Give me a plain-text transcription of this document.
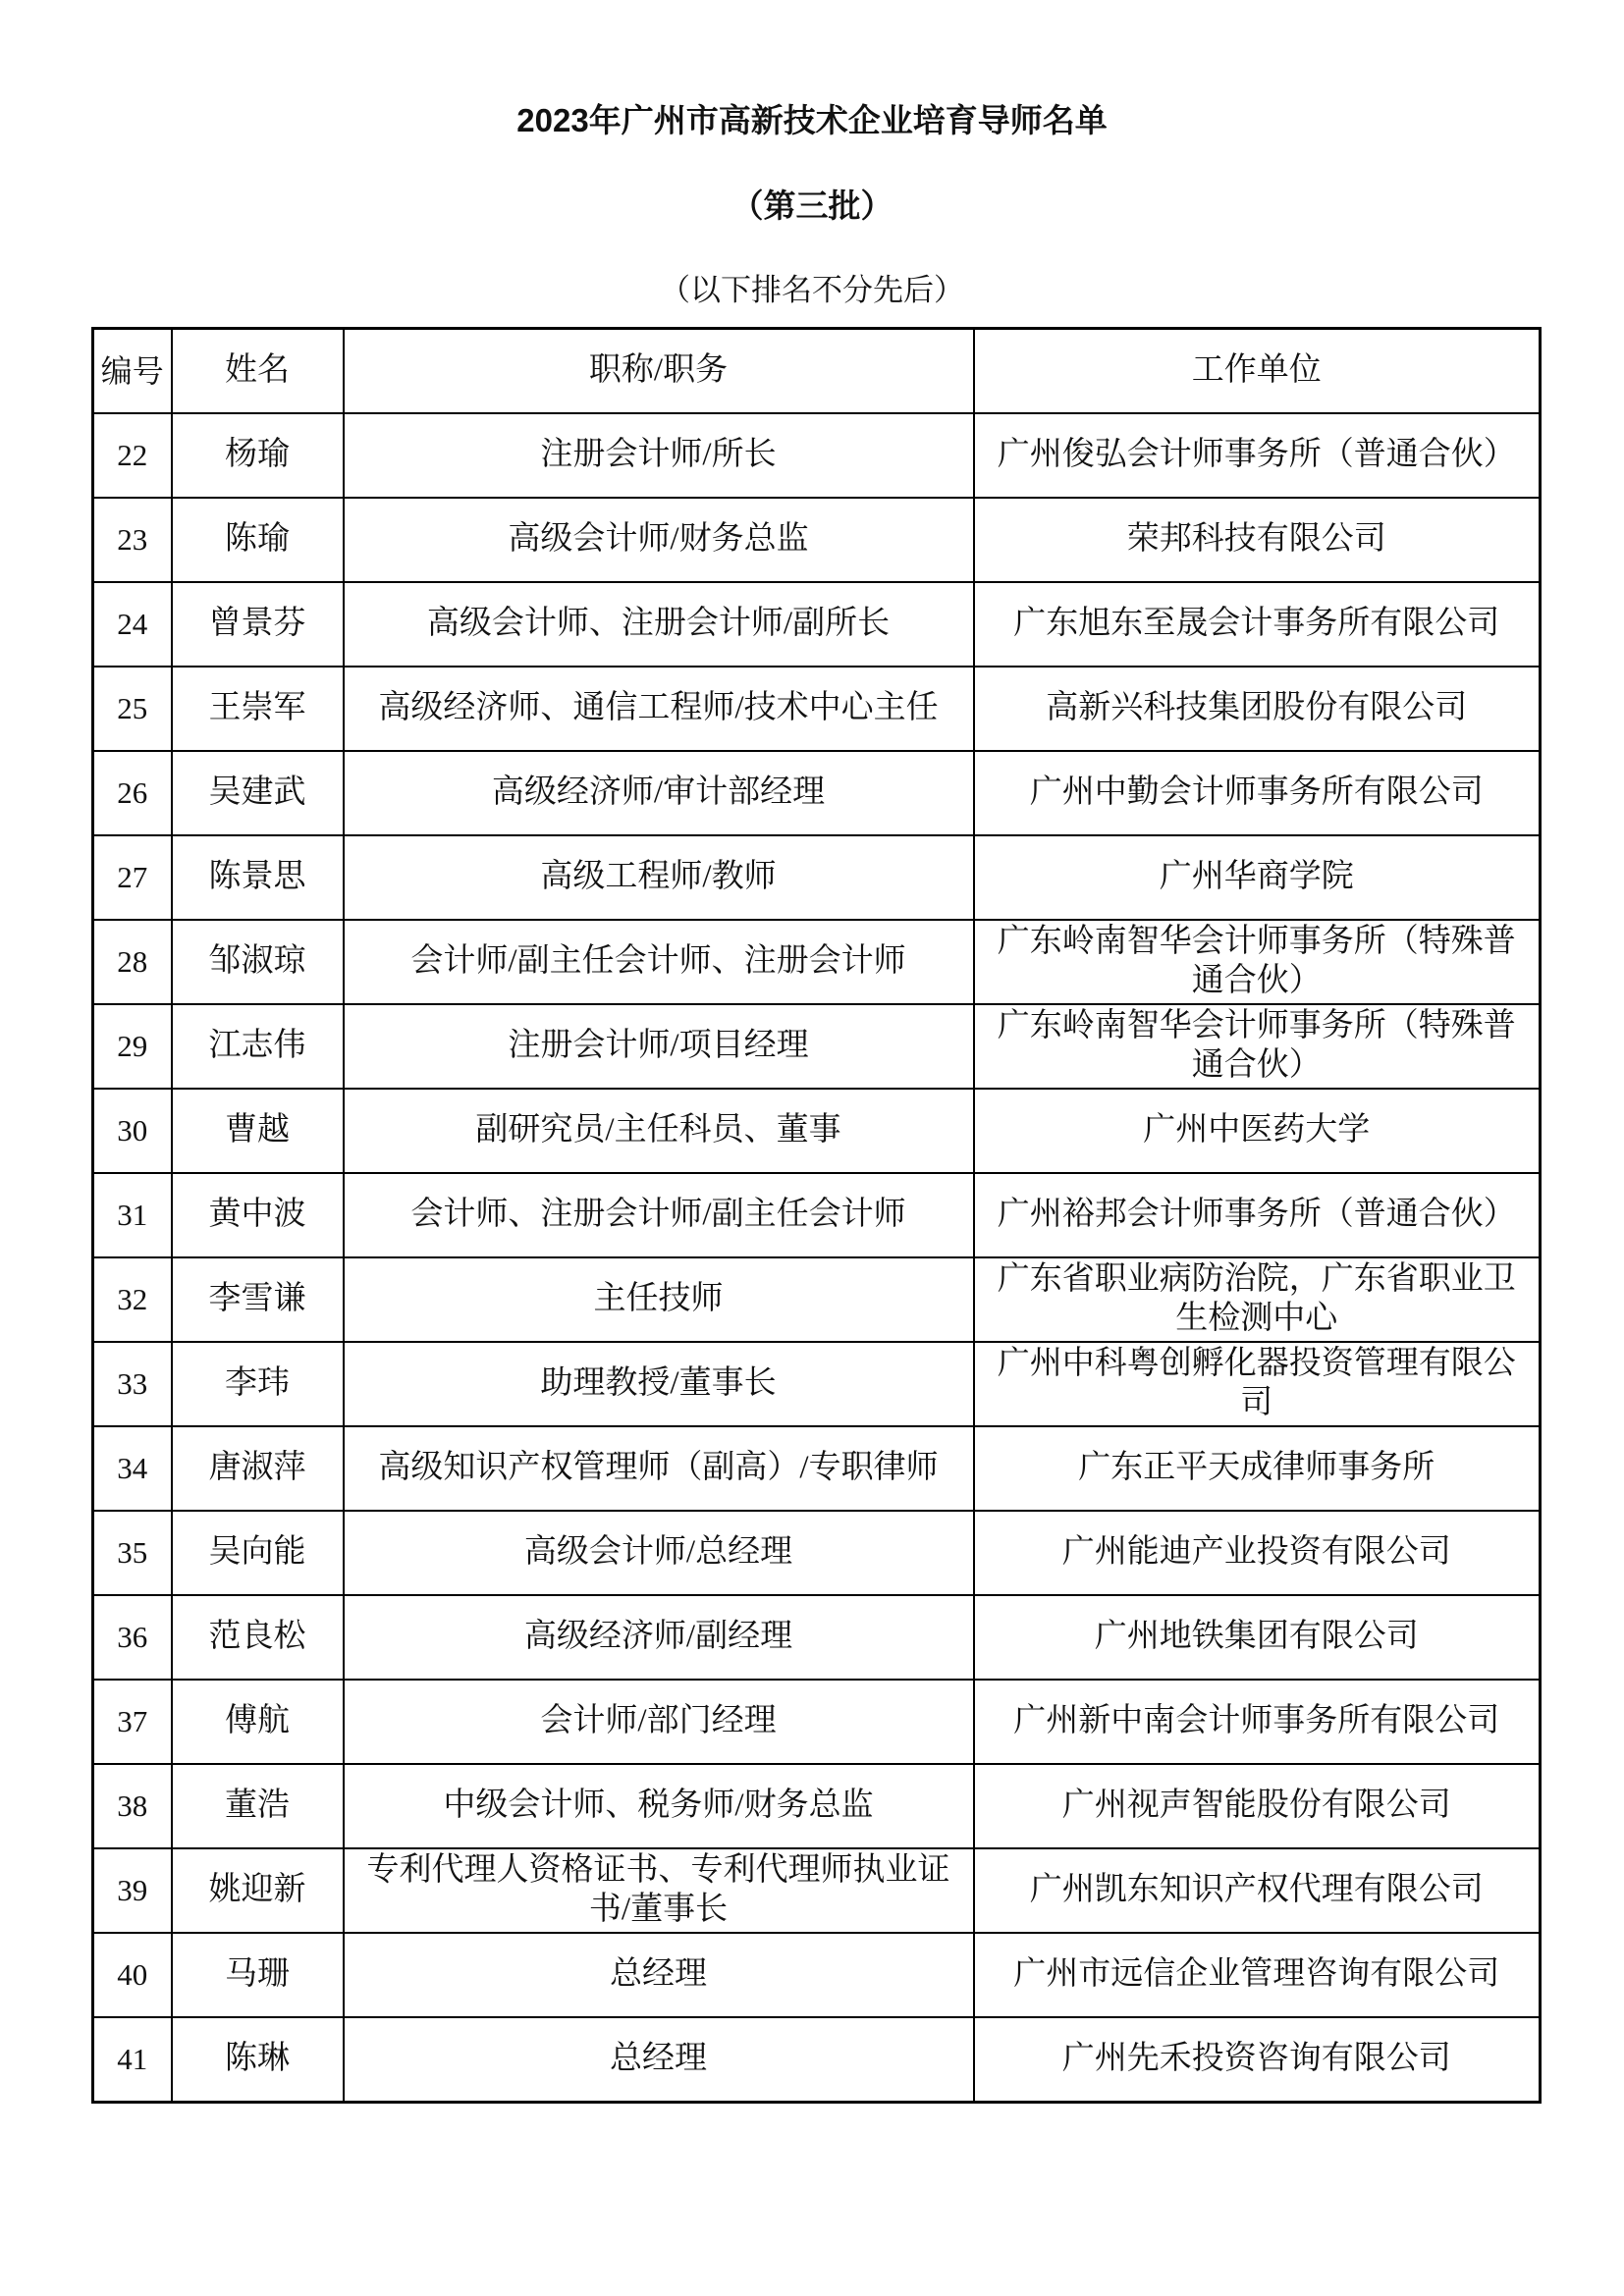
2023年广州市高新技术企业培育导师名单
（第三批）
（以下排名不分先后）
编号	姓名	职称/职务	工作单位
22	杨瑜	注册会计师/所长	广州俊弘会计师事务所（普通合伙）
23	陈瑜	高级会计师/财务总监	荣邦科技有限公司
24	曾景芬	高级会计师、注册会计师/副所长	广东旭东至晟会计事务所有限公司
25	王崇军	高级经济师、通信工程师/技术中心主任	高新兴科技集团股份有限公司
26	吴建武	高级经济师/审计部经理	广州中勤会计师事务所有限公司
27	陈景思	高级工程师/教师	广州华商学院
28	邹淑琼	会计师/副主任会计师、注册会计师	广东岭南智华会计师事务所（特殊普通合伙）
29	江志伟	注册会计师/项目经理	广东岭南智华会计师事务所（特殊普通合伙）
30	曹越	副研究员/主任科员、董事	广州中医药大学
31	黄中波	会计师、注册会计师/副主任会计师	广州裕邦会计师事务所（普通合伙）
32	李雪谦	主任技师	广东省职业病防治院，广东省职业卫生检测中心
33	李玮	助理教授/董事长	广州中科粤创孵化器投资管理有限公司
34	唐淑萍	高级知识产权管理师（副高）/专职律师	广东正平天成律师事务所
35	吴向能	高级会计师/总经理	广州能迪产业投资有限公司
36	范良松	高级经济师/副经理	广州地铁集团有限公司
37	傅航	会计师/部门经理	广州新中南会计师事务所有限公司
38	董浩	中级会计师、税务师/财务总监	广州视声智能股份有限公司
39	姚迎新	专利代理人资格证书、专利代理师执业证书/董事长	广州凯东知识产权代理有限公司
40	马珊	总经理	广州市远信企业管理咨询有限公司
41	陈琳	总经理	广州先禾投资咨询有限公司
